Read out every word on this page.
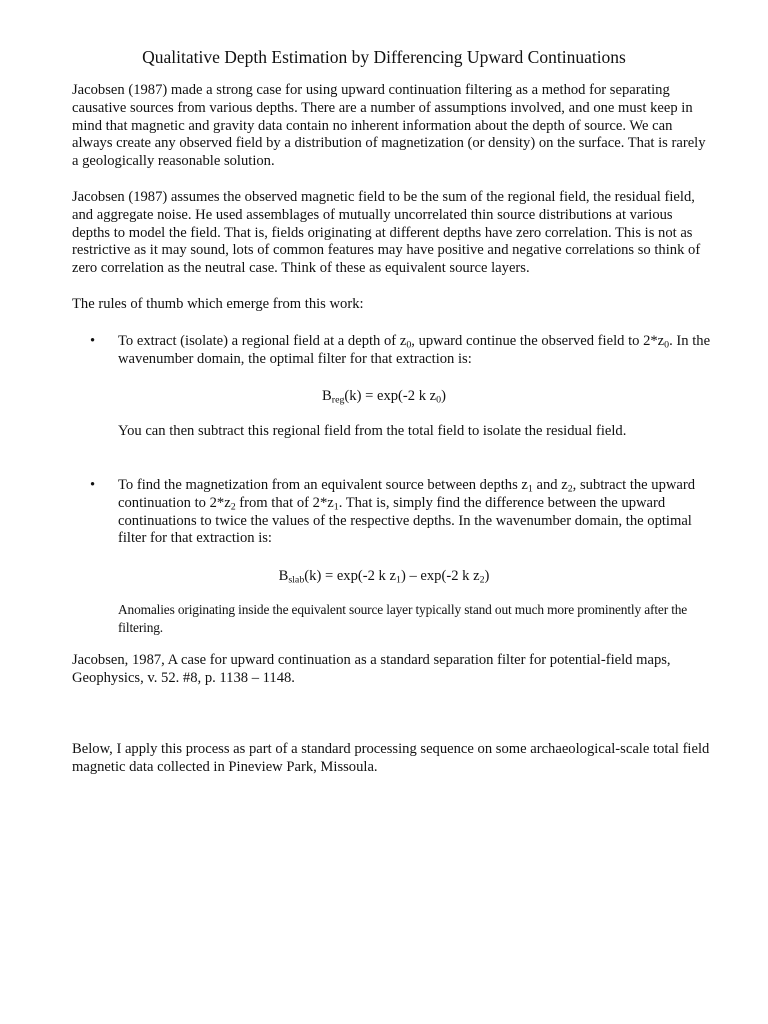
Qualitative Depth Estimation by Differencing Upward Continuations

Jacobsen (1987) made a strong case for using upward continuation filtering as a method for separating causative sources from various depths. There are a number of assumptions involved, and one must keep in mind that magnetic and gravity data contain no inherent information about the depth of source. We can always create any observed field by a distribution of magnetization (or density) on the surface. That is rarely a geologically reasonable solution.

Jacobsen (1987) assumes the observed magnetic field to be the sum of the regional field, the residual field, and aggregate noise. He used assemblages of mutually uncorrelated thin source distributions at various depths to model the field. That is, fields originating at different depths have zero correlation. This is not as restrictive as it may sound, lots of common features may have positive and negative correlations so think of zero correlation as the neutral case. Think of these as equivalent source layers.

The rules of thumb which emerge from this work:

• To extract (isolate) a regional field at a depth of $z_0$, upward continue the observed field to $2*z_0$. In the wavenumber domain, the optimal filter for that extraction is:

$B_{reg}(k) = \exp(-2$ k $z_0$)

You can then subtract this regional field from the total field to isolate the residual field.

• To find the magnetization from an equivalent source between depths $z_1$ and $z_2$, subtract the upward continuation to $2*z_2$ from that of $2*z_1$. That is, simply find the difference between the upward continuations to twice the values of the respective depths. In the wavenumber domain, the optimal filter for that extraction is:

$B_{slab}(k) = \exp(-2$ k $z_1) - \exp(-2$ k $z_2$)

Anomalies originating inside the equivalent source layer typically stand out much more prominently after the filtering.

Jacobsen, 1987, A case for upward continuation as a standard separation filter for potential-field maps, Geophysics, v. 52. #8, p. 1138 – 1148.

Below, I apply this process as part of a standard processing sequence on some archaeological-scale total field magnetic data collected in Pineview Park, Missoula.
